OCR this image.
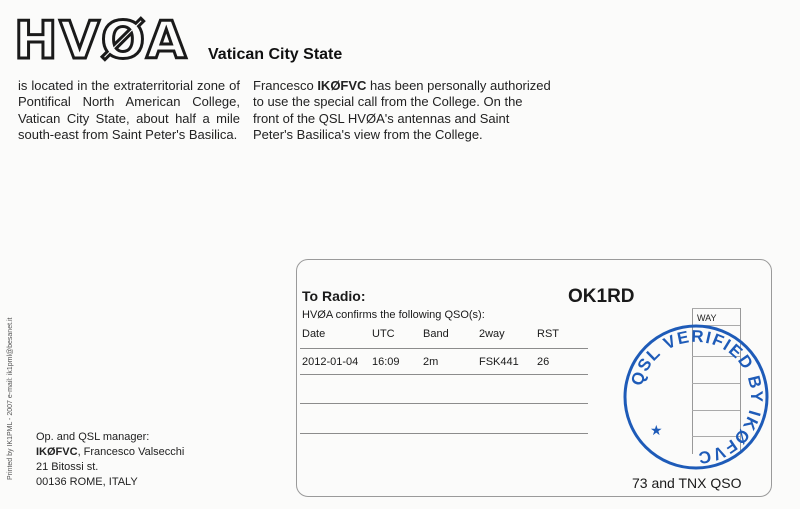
HVØA Vatican City State
is located in the extraterritorial zone of Pontifical North American College, Vatican City State, about half a mile south-east from Saint Peter's Basilica.
Francesco IKØFVC has been personally authorized to use the special call from the College. On the front of the QSL HVØA's antennas and Saint Peter's Basilica's view from the College.
Printed by IK1PML - 2007 e-mail: ik1pml@besanet.it Op. and QSL manager:
IKØFVC, Francesco Valsecchi
21 Bitossi st.
00136 ROME, ITALY
To Radio:	OK1RD
HVØA confirms the following QSO(s):
Date	UTC	Band	2way	RST
2012-01-04 16:09 2m	FSK441 26
WAY
QSL VERIFIED BY IKØFVC
★
73 and TNX QSO
